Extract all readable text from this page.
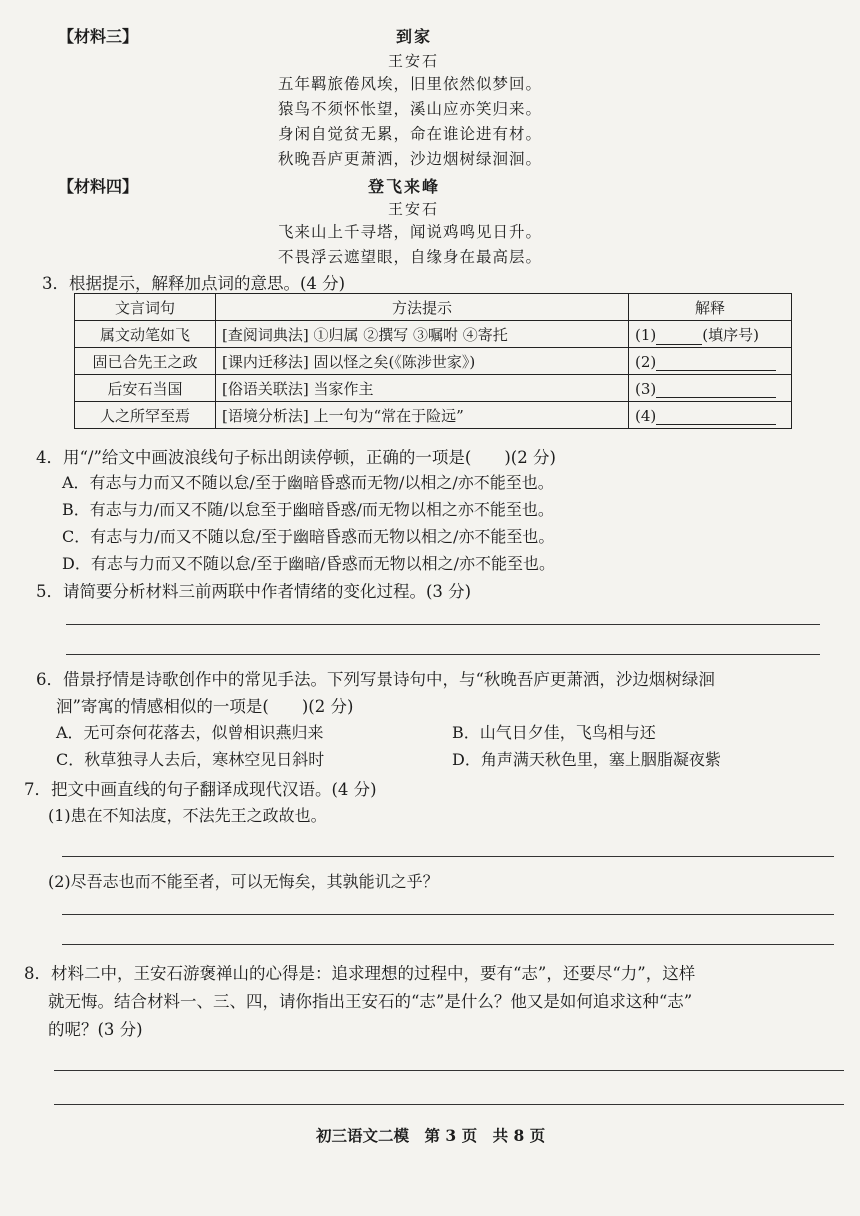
【材料三】	到家
王安石
五年羁旅倦风埃，旧里依然似梦回。
猿鸟不须怀怅望，溪山应亦笑归来。
身闲自觉贫无累，命在谁论进有材。
秋晚吾庐更萧洒，沙边烟树绿洄洄。
【材料四】	登飞来峰
王安石
飞来山上千寻塔，闻说鸡鸣见日升。
不畏浮云遮望眼，自缘身在最高层。
3．根据提示，解释加点词的意思。(4 分)
文言词句	方法提示	解释
属文动笔如飞	[查阅词典法] ①归属 ②撰写 ③嘱咐 ④寄托	(1) (填序号)
固已合先王之政	[课内迁移法] 固以怪之矣(《陈涉世家》)	(2)
后安石当国	[俗语关联法] 当家作主	(3)
人之所罕至焉	[语境分析法] 上一句为“常在于险远”	(4)
4．用“/”给文中画波浪线句子标出朗读停顿，正确的一项是(　　)(2 分)
A．有志与力而又不随以怠/至于幽暗昏惑而无物/以相之/亦不能至也。
B．有志与力/而又不随/以怠至于幽暗昏惑/而无物以相之亦不能至也。
C．有志与力/而又不随以怠/至于幽暗昏惑而无物以相之/亦不能至也。
D．有志与力而又不随以怠/至于幽暗/昏惑而无物以相之/亦不能至也。
5．请简要分析材料三前两联中作者情绪的变化过程。(3 分)
6．借景抒情是诗歌创作中的常见手法。下列写景诗句中，与“秋晚吾庐更萧洒，沙边烟树绿洄
洄”寄寓的情感相似的一项是(　　)(2 分)
A．无可奈何花落去，似曾相识燕归来	B．山气日夕佳，飞鸟相与还
C．秋草独寻人去后，寒林空见日斜时	D．角声满天秋色里，塞上胭脂凝夜紫
7．把文中画直线的句子翻译成现代汉语。(4 分)
(1)患在不知法度，不法先王之政故也。
(2)尽吾志也而不能至者，可以无悔矣，其孰能讥之乎？
8．材料二中，王安石游褒禅山的心得是：追求理想的过程中，要有“志”，还要尽“力”，这样
就无悔。结合材料一、三、四，请你指出王安石的“志”是什么？他又是如何追求这种“志”
的呢？(3 分)
初三语文二模　第 3 页　共 8 页
